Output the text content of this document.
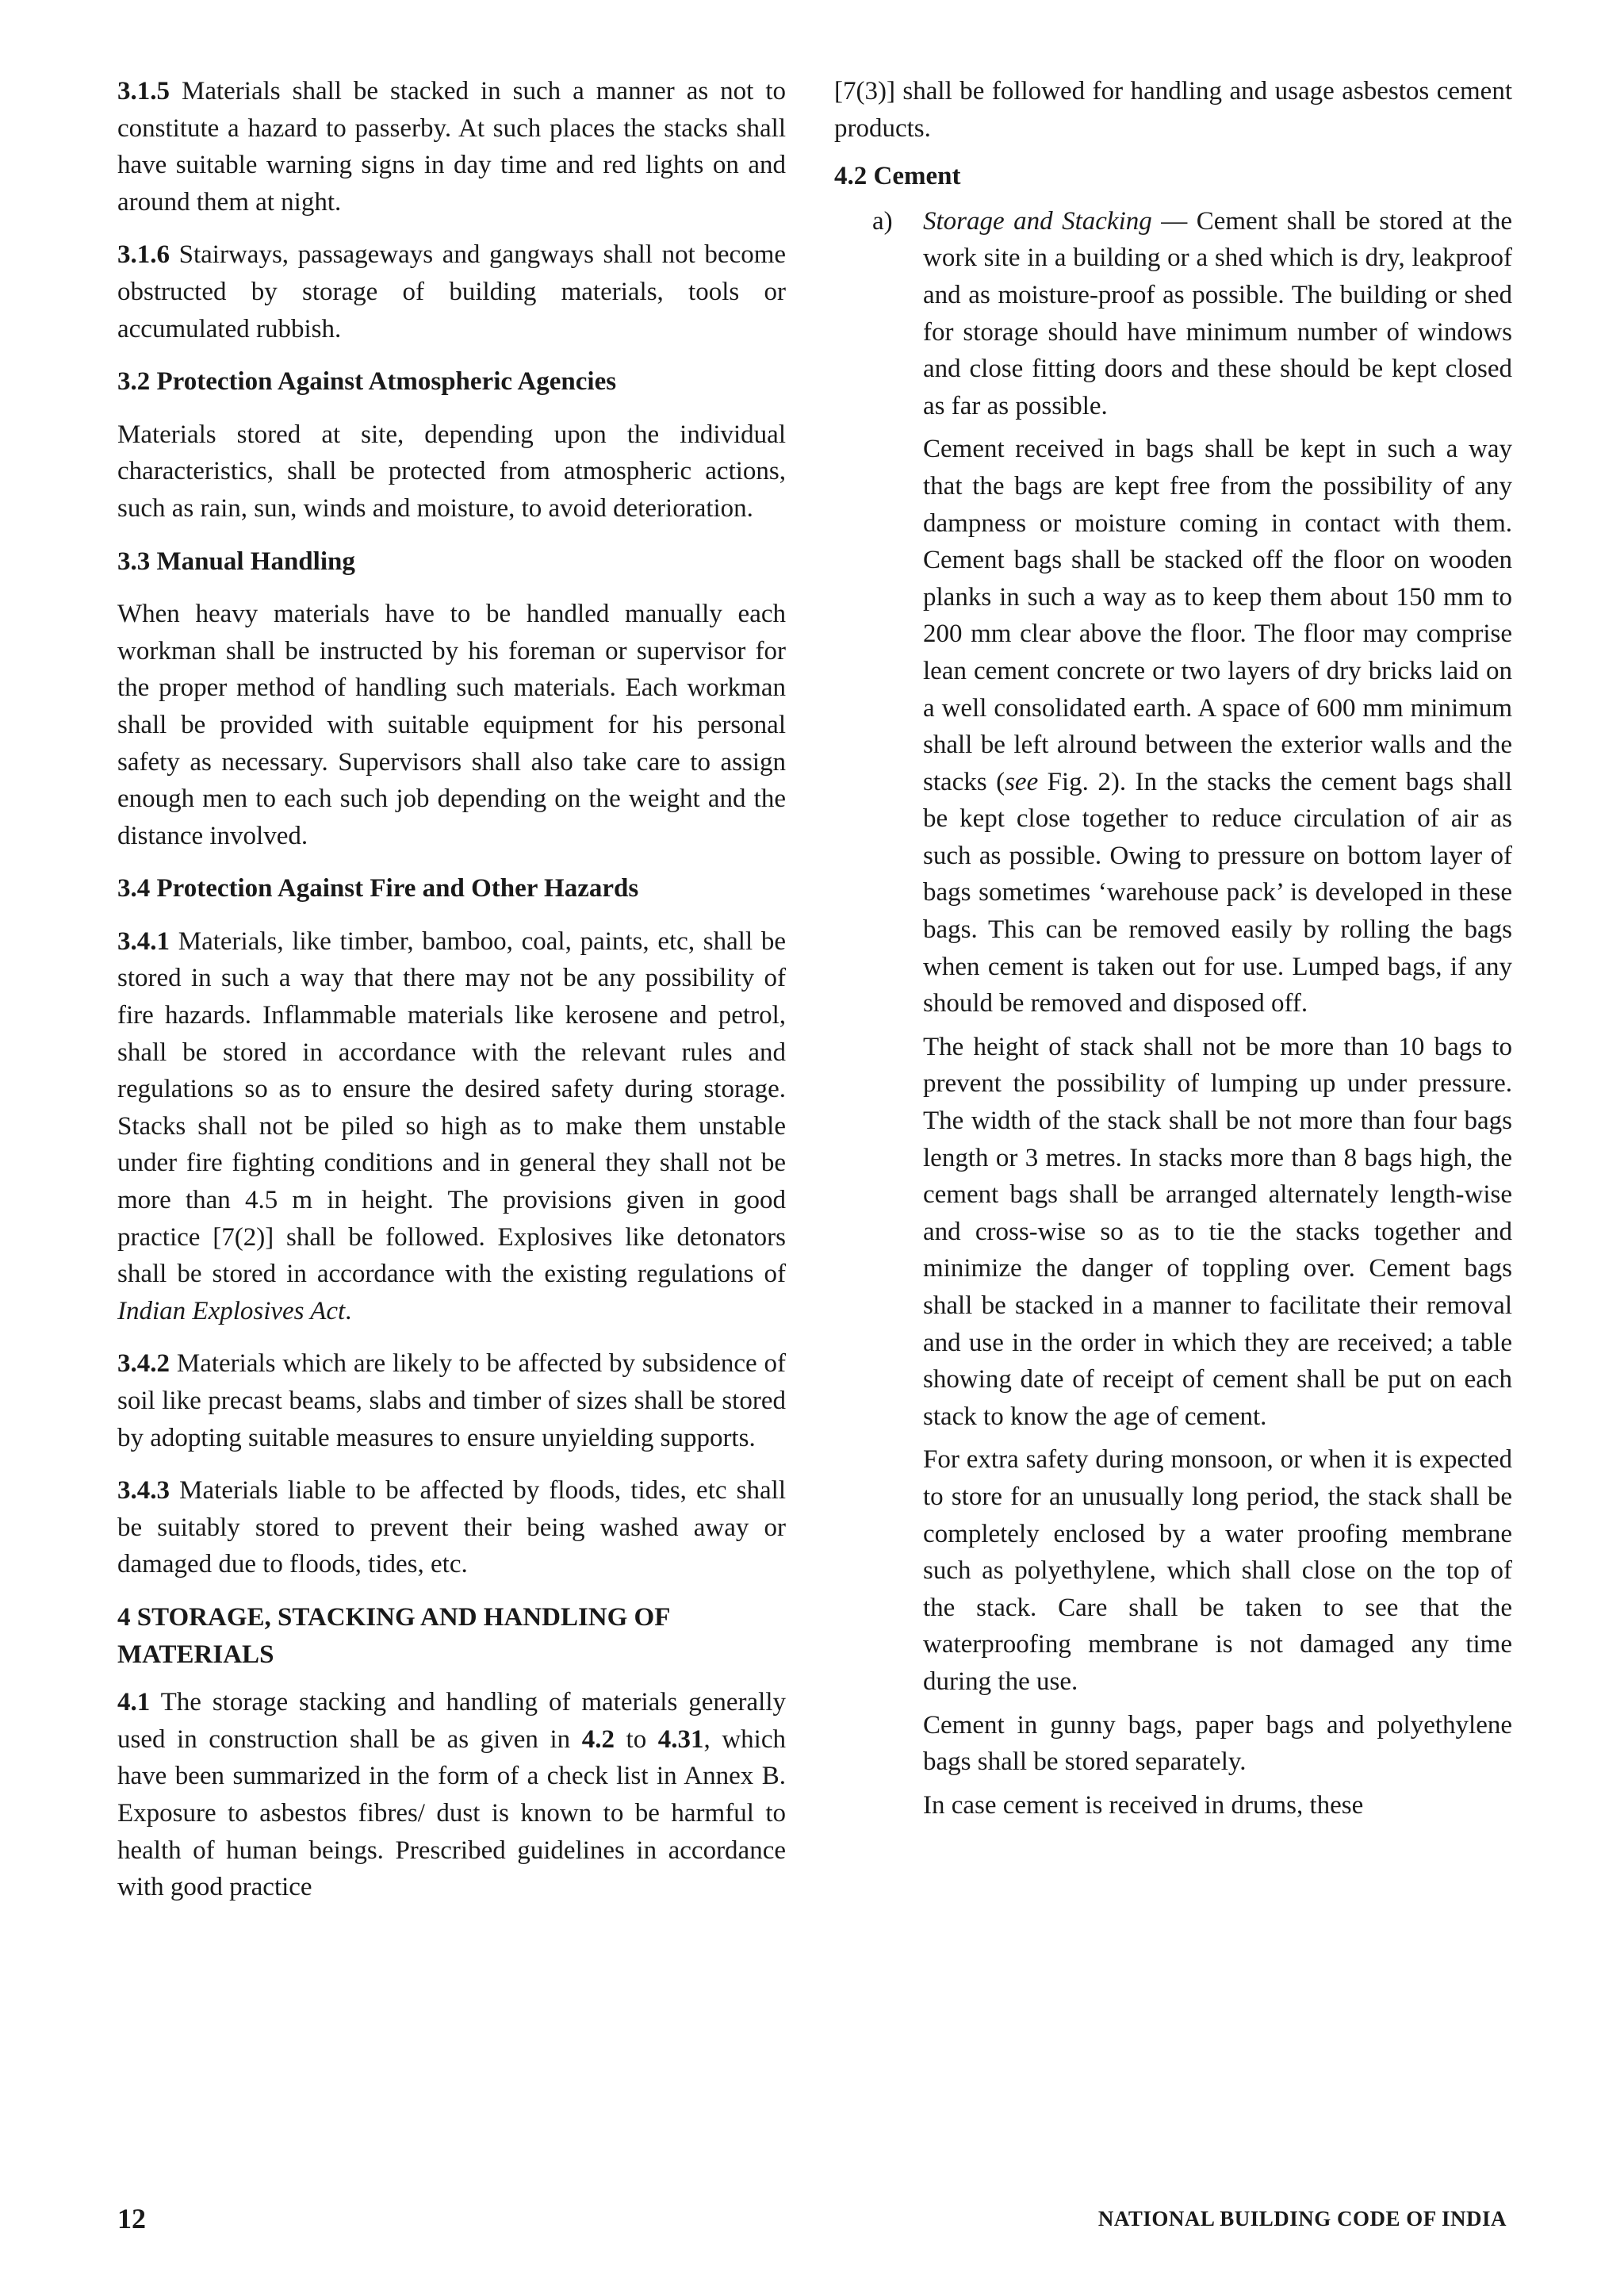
3.1.5 Materials shall be stacked in such a manner as not to constitute a hazard to passerby. At such places the stacks shall have suitable warning signs in day time and red lights on and around them at night.

3.1.6 Stairways, passageways and gangways shall not become obstructed by storage of building materials, tools or accumulated rubbish.

3.2 Protection Against Atmospheric Agencies

Materials stored at site, depending upon the individual characteristics, shall be protected from atmospheric actions, such as rain, sun, winds and moisture, to avoid deterioration.

3.3 Manual Handling

When heavy materials have to be handled manually each workman shall be instructed by his foreman or supervisor for the proper method of handling such materials. Each workman shall be provided with suitable equipment for his personal safety as necessary. Supervisors shall also take care to assign enough men to each such job depending on the weight and the distance involved.

3.4 Protection Against Fire and Other Hazards

3.4.1 Materials, like timber, bamboo, coal, paints, etc, shall be stored in such a way that there may not be any possibility of fire hazards. Inflammable materials like kerosene and petrol, shall be stored in accordance with the relevant rules and regulations so as to ensure the desired safety during storage. Stacks shall not be piled so high as to make them unstable under fire fighting conditions and in general they shall not be more than 4.5 m in height. The provisions given in good practice [7(2)] shall be followed. Explosives like detonators shall be stored in accordance with the existing regulations of Indian Explosives Act.

3.4.2 Materials which are likely to be affected by subsidence of soil like precast beams, slabs and timber of sizes shall be stored by adopting suitable measures to ensure unyielding supports.

3.4.3 Materials liable to be affected by floods, tides, etc shall be suitably stored to prevent their being washed away or damaged due to floods, tides, etc.

4 STORAGE, STACKING AND HANDLING OF MATERIALS

4.1 The storage stacking and handling of materials generally used in construction shall be as given in 4.2 to 4.31, which have been summarized in the form of a check list in Annex B. Exposure to asbestos fibres/ dust is known to be harmful to health of human beings. Prescribed guidelines in accordance with good practice

[7(3)] shall be followed for handling and usage asbestos cement products.

4.2 Cement
a)	Storage and Stacking — Cement shall be stored at the work site in a building or a shed which is dry, leakproof and as moisture-proof as possible. The building or shed for storage should have minimum number of windows and close fitting doors and these should be kept closed as far as possible.

Cement received in bags shall be kept in such a way that the bags are kept free from the possibility of any dampness or moisture coming in contact with them. Cement bags shall be stacked off the floor on wooden planks in such a way as to keep them about 150 mm to 200 mm clear above the floor. The floor may comprise lean cement concrete or two layers of dry bricks laid on a well consolidated earth. A space of 600 mm minimum shall be left alround between the exterior walls and the stacks (see Fig. 2). In the stacks the cement bags shall be kept close together to reduce circulation of air as such as possible. Owing to pressure on bottom layer of bags sometimes ‘warehouse pack’ is developed in these bags. This can be removed easily by rolling the bags when cement is taken out for use. Lumped bags, if any should be removed and disposed off.

The height of stack shall not be more than 10 bags to prevent the possibility of lumping up under pressure. The width of the stack shall be not more than four bags length or 3 metres. In stacks more than 8 bags high, the cement bags shall be arranged alternately length-wise and cross-wise so as to tie the stacks together and minimize the danger of toppling over. Cement bags shall be stacked in a manner to facilitate their removal and use in the order in which they are received; a table showing date of receipt of cement shall be put on each stack to know the age of cement.

For extra safety during monsoon, or when it is expected to store for an unusually long period, the stack shall be completely enclosed by a water proofing membrane such as polyethylene, which shall close on the top of the stack. Care shall be taken to see that the waterproofing membrane is not damaged any time during the use.

Cement in gunny bags, paper bags and polyethylene bags shall be stored separately.

In case cement is received in drums, these

12	NATIONAL BUILDING CODE OF INDIA
